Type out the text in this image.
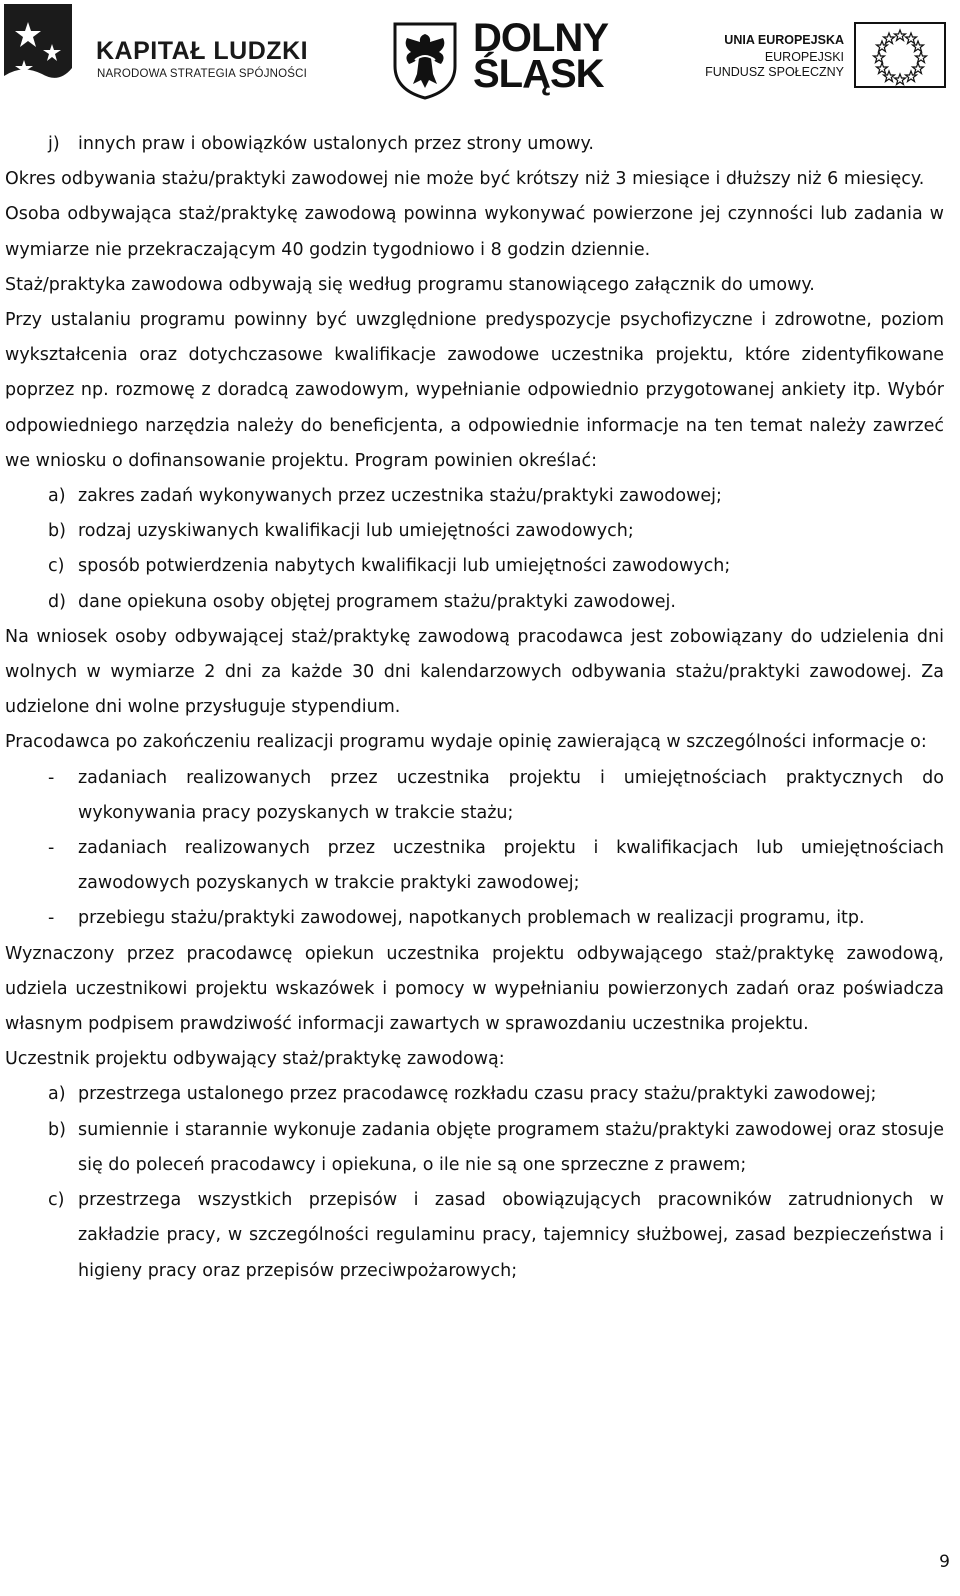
KAPITAŁ LUDZKI
NARODOWA STRATEGIA SPÓJNOŚCI
DOLNY
ŚLĄSK
UNIA EUROPEJSKA
EUROPEJSKI
FUNDUSZ SPOŁECZNY
j)	innych praw i obowiązków ustalonych przez strony umowy.

Okres odbywania stażu/praktyki zawodowej nie może być krótszy niż 3 miesiące i dłuższy niż 6 miesięcy.

Osoba odbywająca staż/praktykę zawodową powinna wykonywać powierzone jej czynności lub zadania w wymiarze nie przekraczającym 40 godzin tygodniowo i 8 godzin dziennie.

Staż/praktyka zawodowa odbywają się według programu stanowiącego załącznik do umowy.

Przy ustalaniu programu powinny być uwzględnione predyspozycje psychofizyczne i zdrowotne, poziom wykształcenia oraz dotychczasowe kwalifikacje zawodowe uczestnika projektu, które zidentyfikowane poprzez np. rozmowę z doradcą zawodowym, wypełnianie odpowiednio przygotowanej ankiety itp. Wybór odpowiedniego narzędzia należy do beneficjenta, a odpowiednie informacje na ten temat należy zawrzeć we wniosku o dofinansowanie projektu. Program powinien określać:

a) zakres zadań wykonywanych przez uczestnika stażu/praktyki zawodowej;
b) rodzaj uzyskiwanych kwalifikacji lub umiejętności zawodowych;
c) sposób potwierdzenia nabytych kwalifikacji lub umiejętności zawodowych;
d) dane opiekuna osoby objętej programem stażu/praktyki zawodowej.

Na wniosek osoby odbywającej staż/praktykę zawodową pracodawca jest zobowiązany do udzielenia dni wolnych w wymiarze 2 dni za każde 30 dni kalendarzowych odbywania stażu/praktyki zawodowej. Za udzielone dni wolne przysługuje stypendium.

Pracodawca po zakończeniu realizacji programu wydaje opinię zawierającą w szczególności informacje o:

-	zadaniach realizowanych przez uczestnika projektu i umiejętnościach praktycznych do wykonywania pracy pozyskanych w trakcie stażu;
-	zadaniach realizowanych przez uczestnika projektu i kwalifikacjach lub umiejętnościach zawodowych pozyskanych w trakcie praktyki zawodowej;
-	przebiegu stażu/praktyki zawodowej, napotkanych problemach w realizacji programu, itp.

Wyznaczony przez pracodawcę opiekun uczestnika projektu odbywającego staż/praktykę zawodową, udziela uczestnikowi projektu wskazówek i pomocy w wypełnianiu powierzonych zadań oraz poświadcza własnym podpisem prawdziwość informacji zawartych w sprawozdaniu uczestnika projektu.

Uczestnik projektu odbywający staż/praktykę zawodową:

a) przestrzega ustalonego przez pracodawcę rozkładu czasu pracy stażu/praktyki zawodowej;
b) sumiennie i starannie wykonuje zadania objęte programem stażu/praktyki zawodowej oraz stosuje się do poleceń pracodawcy i opiekuna, o ile nie są one sprzeczne z prawem;
c) przestrzega wszystkich przepisów i zasad obowiązujących pracowników zatrudnionych w zakładzie pracy, w szczególności regulaminu pracy, tajemnicy służbowej, zasad bezpieczeństwa i higieny pracy oraz przepisów przeciwpożarowych;
9
